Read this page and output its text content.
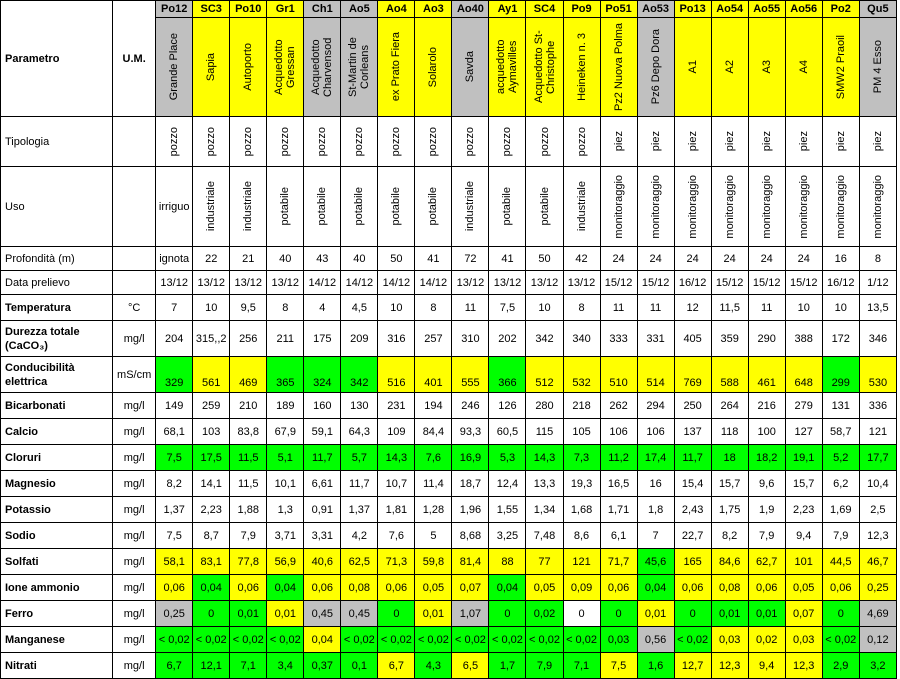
Parametro	U.M.	Po12	SC3	Po10	Gr1	Ch1	Ao5	Ao4	Ao3	Ao40	Ay1	SC4	Po9	Po51	Ao53	Po13	Ao54	Ao55	Ao56	Po2	Qu5

		Grande Place	Sapia	Autoporto	Acquedotto Gressan	Acquedotto Charvensod	St-Martin de Corleans	ex Prato Fiera	Solarolo	Savda	acquedotto Aymavilles	Acquedotto St-Christophe	Heineken n. 3	Pz2 Nuova Polma	Pz6 Depo Dora	A1	A2	A3	A4	SMW2 Praoil	PM 4 Esso

Tipologia		pozzo	pozzo	pozzo	pozzo	pozzo	pozzo	pozzo	pozzo	pozzo	pozzo	pozzo	pozzo	piez	piez	piez	piez	piez	piez	piez	piez

Uso		irriguo	industriale	industriale	potabile	potabile	potabile	potabile	potabile	industriale	potabile	potabile	industriale	monitoraggio	monitoraggio	monitoraggio	monitoraggio	monitoraggio	monitoraggio	monitoraggio	monitoraggio

Profondità (m)		ignota	22	21	40	43	40	50	41	72	41	50	42	24	24	24	24	24	24	16	8
Data prelievo		13/12	13/12	13/12	13/12	14/12	14/12	14/12	14/12	13/12	13/12	13/12	13/12	15/12	15/12	16/12	15/12	15/12	15/12	16/12	1/12
Temperatura	°C	7	10	9,5	8	4	4,5	10	8	11	7,5	10	8	11	11	12	11,5	11	10	10	13,5
Durezza totale (CaCO₃)	mg/l	204	315,,2	256	211	175	209	316	257	310	202	342	340	333	331	405	359	290	388	172	346
Conducibilità elettrica	mS/cm	329	561	469	365	324	342	516	401	555	366	512	532	510	514	769	588	461	648	299	530
Bicarbonati	mg/l	149	259	210	189	160	130	231	194	246	126	280	218	262	294	250	264	216	279	131	336
Calcio	mg/l	68,1	103	83,8	67,9	59,1	64,3	109	84,4	93,3	60,5	115	105	106	106	137	118	100	127	58,7	121
Cloruri	mg/l	7,5	17,5	11,5	5,1	11,7	5,7	14,3	7,6	16,9	5,3	14,3	7,3	11,2	17,4	11,7	18	18,2	19,1	5,2	17,7
Magnesio	mg/l	8,2	14,1	11,5	10,1	6,61	11,7	10,7	11,4	18,7	12,4	13,3	19,3	16,5	16	15,4	15,7	9,6	15,7	6,2	10,4
Potassio	mg/l	1,37	2,23	1,88	1,3	0,91	1,37	1,81	1,28	1,96	1,55	1,34	1,68	1,71	1,8	2,43	1,75	1,9	2,23	1,69	2,5
Sodio	mg/l	7,5	8,7	7,9	3,71	3,31	4,2	7,6	5	8,68	3,25	7,48	8,6	6,1	7	22,7	8,2	7,9	9,4	7,9	12,3
Solfati	mg/l	58,1	83,1	77,8	56,9	40,6	62,5	71,3	59,8	81,4	88	77	121	71,7	45,6	165	84,6	62,7	101	44,5	46,7
Ione ammonio	mg/l	0,06	0,04	0,06	0,04	0,06	0,08	0,06	0,05	0,07	0,04	0,05	0,09	0,06	0,04	0,06	0,08	0,06	0,05	0,06	0,25
Ferro	mg/l	0,25	0	0,01	0,01	0,45	0,45	0	0,01	1,07	0	0,02	0	0	0,01	0	0,01	0,01	0,07	0	4,69
Manganese	mg/l	< 0,02	< 0,02	< 0,02	< 0,02	0,04	< 0,02	< 0,02	< 0,02	< 0,02	< 0,02	< 0,02	< 0,02	0,03	0,56	< 0,02	0,03	0,02	0,03	< 0,02	0,12
Nitrati	mg/l	6,7	12,1	7,1	3,4	0,37	0,1	6,7	4,3	6,5	1,7	7,9	7,1	7,5	1,6	12,7	12,3	9,4	12,3	2,9	3,2
